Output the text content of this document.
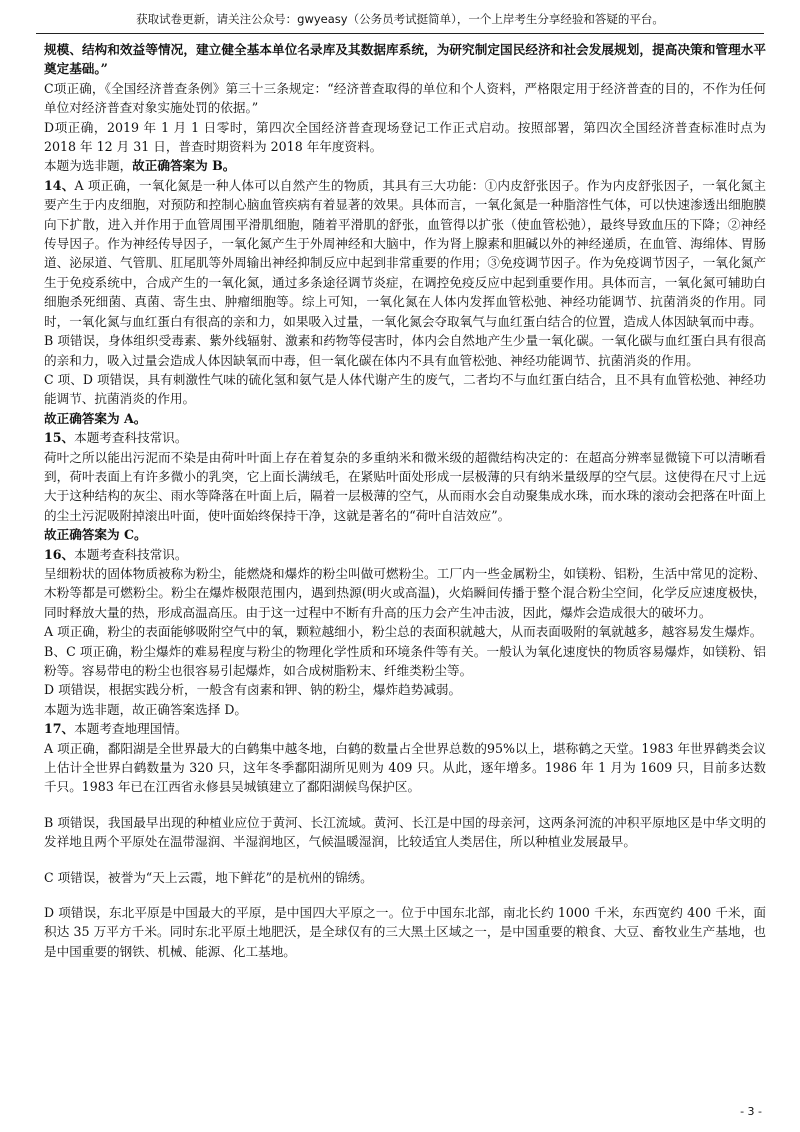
获取试卷更新，请关注公众号：gwyeasy（公务员考试挺简单），一个上岸考生分享经验和答疑的平台。

规模、结构和效益等情况，建立健全基本单位名录库及其数据库系统，为研究制定国民经济和社会发展规划，提高决策和管理水平奠定基础。”

C项正确，《全国经济普查条例》第三十三条规定：“经济普查取得的单位和个人资料，严格限定用于经济普查的目的，不作为任何单位对经济普查对象实施处罚的依据。”

D项正确，2019 年 1 月 1 日零时，第四次全国经济普查现场登记工作正式启动。按照部署，第四次全国经济普查标准时点为 2018 年 12 月 31 日，普查时期资料为 2018 年年度资料。

本题为选非题，故正确答案为 B。

14、A 项正确，一氧化氮是一种人体可以自然产生的物质，其具有三大功能：①内皮舒张因子。作为内皮舒张因子，一氧化氮主要产生于内皮细胞，对预防和控制心脑血管疾病有着显著的效果。具体而言，一氧化氮是一种脂溶性气体，可以快速渗透出细胞膜向下扩散，进入并作用于血管周围平滑肌细胞，随着平滑肌的舒张，血管得以扩张（使血管松弛），最终导致血压的下降；②神经传导因子。作为神经传导因子，一氧化氮产生于外周神经和大脑中，作为肾上腺素和胆碱以外的神经递质，在血管、海绵体、胃肠道、泌尿道、气管肌、肛尾肌等外周输出神经抑制反应中起到非常重要的作用；③免疫调节因子。作为免疫调节因子，一氧化氮产生于免疫系统中，合成产生的一氧化氮，通过多条途径调节炎症，在调控免疫反应中起到重要作用。具体而言，一氧化氮可辅助白细胞杀死细菌、真菌、寄生虫、肿瘤细胞等。综上可知，一氧化氮在人体内发挥血管松弛、神经功能调节、抗菌消炎的作用。同时，一氧化氮与血红蛋白有很高的亲和力，如果吸入过量，一氧化氮会夺取氧气与血红蛋白结合的位置，造成人体因缺氧而中毒。

B 项错误，身体组织受毒素、紫外线辐射、激素和药物等侵害时，体内会自然地产生少量一氧化碳。一氧化碳与血红蛋白具有很高的亲和力，吸入过量会造成人体因缺氧而中毒，但一氧化碳在体内不具有血管松弛、神经功能调节、抗菌消炎的作用。

C 项、D 项错误，具有刺激性气味的硫化氢和氨气是人体代谢产生的废气，二者均不与血红蛋白结合，且不具有血管松弛、神经功能调节、抗菌消炎的作用。

故正确答案为 A。

15、本题考查科技常识。

荷叶之所以能出污泥而不染是由荷叶叶面上存在着复杂的多重纳米和微米级的超微结构决定的：在超高分辨率显微镜下可以清晰看到，荷叶表面上有许多微小的乳突，它上面长满绒毛，在紧贴叶面处形成一层极薄的只有纳米量级厚的空气层。这使得在尺寸上远大于这种结构的灰尘、雨水等降落在叶面上后，隔着一层极薄的空气，从而雨水会自动聚集成水珠，而水珠的滚动会把落在叶面上的尘土污泥吸附掉滚出叶面，使叶面始终保持干净，这就是著名的“荷叶自洁效应”。

故正确答案为 C。

16、本题考查科技常识。

呈细粉状的固体物质被称为粉尘，能燃烧和爆炸的粉尘叫做可燃粉尘。工厂内一些金属粉尘，如镁粉、铝粉，生活中常见的淀粉、木粉等都是可燃粉尘。粉尘在爆炸极限范围内，遇到热源(明火或高温)，火焰瞬间传播于整个混合粉尘空间，化学反应速度极快，同时释放大量的热，形成高温高压。由于这一过程中不断有升高的压力会产生冲击波，因此，爆炸会造成很大的破坏力。

A 项正确，粉尘的表面能够吸附空气中的氧，颗粒越细小，粉尘总的表面积就越大，从而表面吸附的氧就越多，越容易发生爆炸。

B、C 项正确，粉尘爆炸的难易程度与粉尘的物理化学性质和环境条件等有关。一般认为氧化速度快的物质容易爆炸，如镁粉、铝粉等。容易带电的粉尘也很容易引起爆炸，如合成树脂粉末、纤维类粉尘等。

D 项错误，根据实践分析，一般含有卤素和钾、钠的粉尘，爆炸趋势减弱。

本题为选非题，故正确答案选择 D。

17、本题考查地理国情。

A 项正确，鄱阳湖是全世界最大的白鹤集中越冬地，白鹤的数量占全世界总数的95%以上，堪称鹤之天堂。1983 年世界鹤类会议上估计全世界白鹤数量为 320 只，这年冬季鄱阳湖所见则为 409 只。从此，逐年增多。1986 年 1 月为 1609 只，目前多达数千只。1983 年已在江西省永修县吴城镇建立了鄱阳湖候鸟保护区。

B 项错误，我国最早出现的种植业应位于黄河、长江流域。黄河、长江是中国的母亲河，这两条河流的冲积平原地区是中华文明的发祥地且两个平原处在温带湿润、半湿润地区，气候温暖湿润，比较适宜人类居住，所以种植业发展最早。

C 项错误，被誉为“天上云霞，地下鲜花”的是杭州的锦绣。

D 项错误，东北平原是中国最大的平原，是中国四大平原之一。位于中国东北部，南北长约 1000 千米，东西宽约 400 千米，面积达 35 万平方千米。同时东北平原土地肥沃，是全球仅有的三大黑土区域之一，是中国重要的粮食、大豆、畜牧业生产基地，也是中国重要的钢铁、机械、能源、化工基地。

- 3 -
